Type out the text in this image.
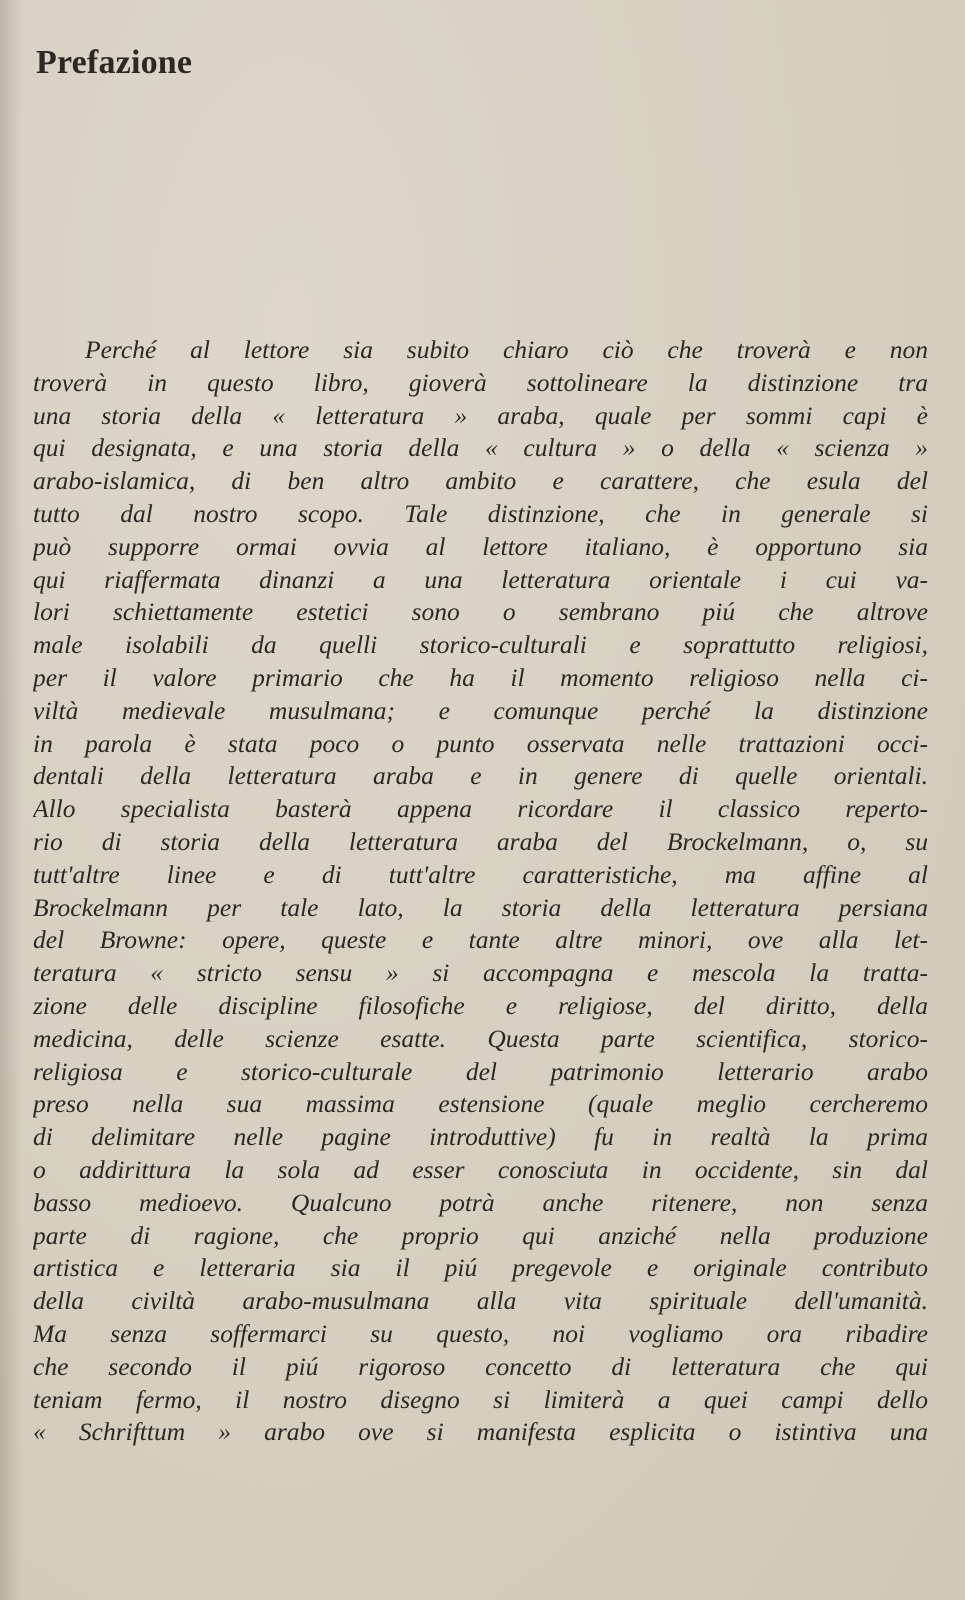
Prefazione
Perché al lettore sia subito chiaro ciò che troverà e non
troverà in questo libro, gioverà sottolineare la distinzione tra
una storia della « letteratura » araba, quale per sommi capi è
qui designata, e una storia della « cultura » o della « scienza »
arabo-islamica, di ben altro ambito e carattere, che esula del
tutto dal nostro scopo. Tale distinzione, che in generale si
può supporre ormai ovvia al lettore italiano, è opportuno sia
qui riaffermata dinanzi a una letteratura orientale i cui va-
lori schiettamente estetici sono o sembrano piú che altrove
male isolabili da quelli storico-culturali e soprattutto religiosi,
per il valore primario che ha il momento religioso nella ci-
viltà medievale musulmana; e comunque perché la distinzione
in parola è stata poco o punto osservata nelle trattazioni occi-
dentali della letteratura araba e in genere di quelle orientali.
Allo specialista basterà appena ricordare il classico reperto-
rio di storia della letteratura araba del Brockelmann, o, su
tutt'altre linee e di tutt'altre caratteristiche, ma affine al
Brockelmann per tale lato, la storia della letteratura persiana
del Browne: opere, queste e tante altre minori, ove alla let-
teratura « stricto sensu » si accompagna e mescola la tratta-
zione delle discipline filosofiche e religiose, del diritto, della
medicina, delle scienze esatte. Questa parte scientifica, storico-
religiosa e storico-culturale del patrimonio letterario arabo
preso nella sua massima estensione (quale meglio cercheremo
di delimitare nelle pagine introduttive) fu in realtà la prima
o addirittura la sola ad esser conosciuta in occidente, sin dal
basso medioevo. Qualcuno potrà anche ritenere, non senza
parte di ragione, che proprio qui anziché nella produzione
artistica e letteraria sia il piú pregevole e originale contributo
della civiltà arabo-musulmana alla vita spirituale dell'umanità.
Ma senza soffermarci su questo, noi vogliamo ora ribadire
che secondo il piú rigoroso concetto di letteratura che qui
teniam fermo, il nostro disegno si limiterà a quei campi dello
« Schrifttum » arabo ove si manifesta esplicita o istintiva una
